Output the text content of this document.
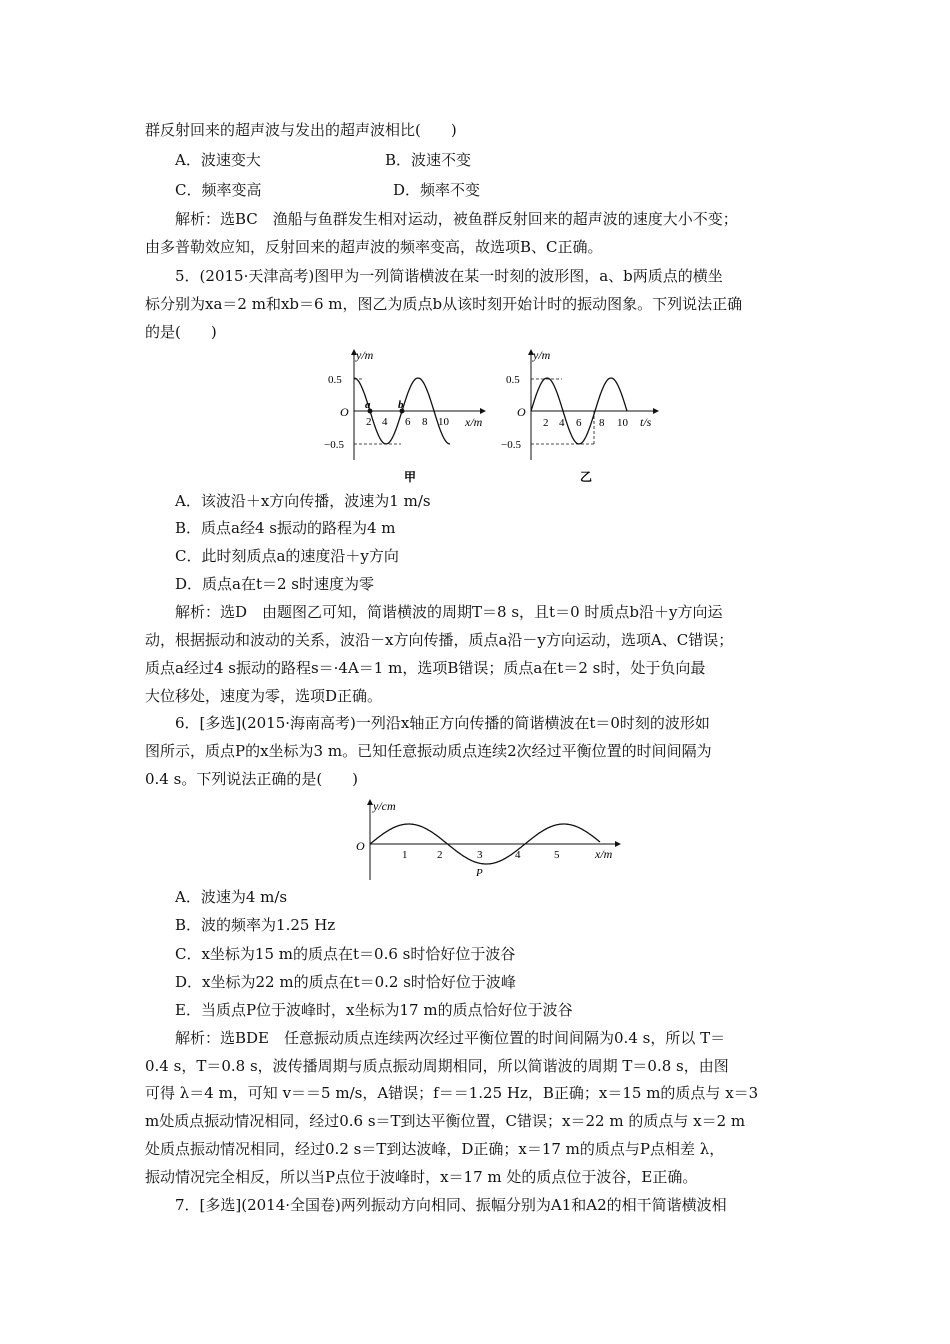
群反射回来的超声波与发出的超声波相比(　　)
A．波速变大	B．波速不变
C．频率变高	D．频率不变
解析：选BC　渔船与鱼群发生相对运动，被鱼群反射回来的超声波的速度大小不变；
由多普勒效应知，反射回来的超声波的频率变高，故选项B、C正确。
5．(2015·天津高考)图甲为一列简谐横波在某一时刻的波形图，a、b两质点的横坐
标分别为xa＝2 m和xb＝6 m，图乙为质点b从该时刻开始计时的振动图象。下列说法正确
的是(　　)
y/m
0.5
−0.5
O a	b
2 4 6 8 10 x/m
甲
y/m
0.5
−0.5
O
2 4 6 8 10 t/s
乙
A．该波沿＋x方向传播，波速为1 m/s
B．质点a经4 s振动的路程为4 m
C．此时刻质点a的速度沿＋y方向
D．质点a在t＝2 s时速度为零
解析：选D　由题图乙可知，简谐横波的周期T＝8 s，且t＝0 时质点b沿＋y方向运
动，根据振动和波动的关系，波沿－x方向传播，质点a沿－y方向运动，选项A、C错误；
质点a经过4 s振动的路程s＝·4A＝1 m，选项B错误；质点a在t＝2 s时，处于负向最
大位移处，速度为零，选项D正确。
6．[多选](2015·海南高考)一列沿x轴正方向传播的简谐横波在t＝0时刻的波形如
图所示，质点P的x坐标为3 m。已知任意振动质点连续2次经过平衡位置的时间间隔为
0.4 s。下列说法正确的是(　　)
y/cm
O
1	2	3	4	5	x/m
P
A．波速为4 m/s
B．波的频率为1.25 Hz
C．x坐标为15 m的质点在t＝0.6 s时恰好位于波谷
D．x坐标为22 m的质点在t＝0.2 s时恰好位于波峰
E．当质点P位于波峰时，x坐标为17 m的质点恰好位于波谷
解析：选BDE　任意振动质点连续两次经过平衡位置的时间间隔为0.4 s，所以 T＝
0.4 s，T＝0.8 s，波传播周期与质点振动周期相同，所以简谐波的周期 T＝0.8 s，由图
可得 λ＝4 m，可知 v＝＝5 m/s，A错误；f＝＝1.25 Hz，B正确；x＝15 m的质点与 x＝3
m处质点振动情况相同，经过0.6 s＝T到达平衡位置，C错误；x＝22 m 的质点与 x＝2 m
处质点振动情况相同，经过0.2 s＝T到达波峰，D正确；x＝17 m的质点与P点相差 λ，
振动情况完全相反，所以当P点位于波峰时，x＝17 m 处的质点位于波谷，E正确。
7．[多选](2014·全国卷)两列振动方向相同、振幅分别为A1和A2的相干简谐横波相
